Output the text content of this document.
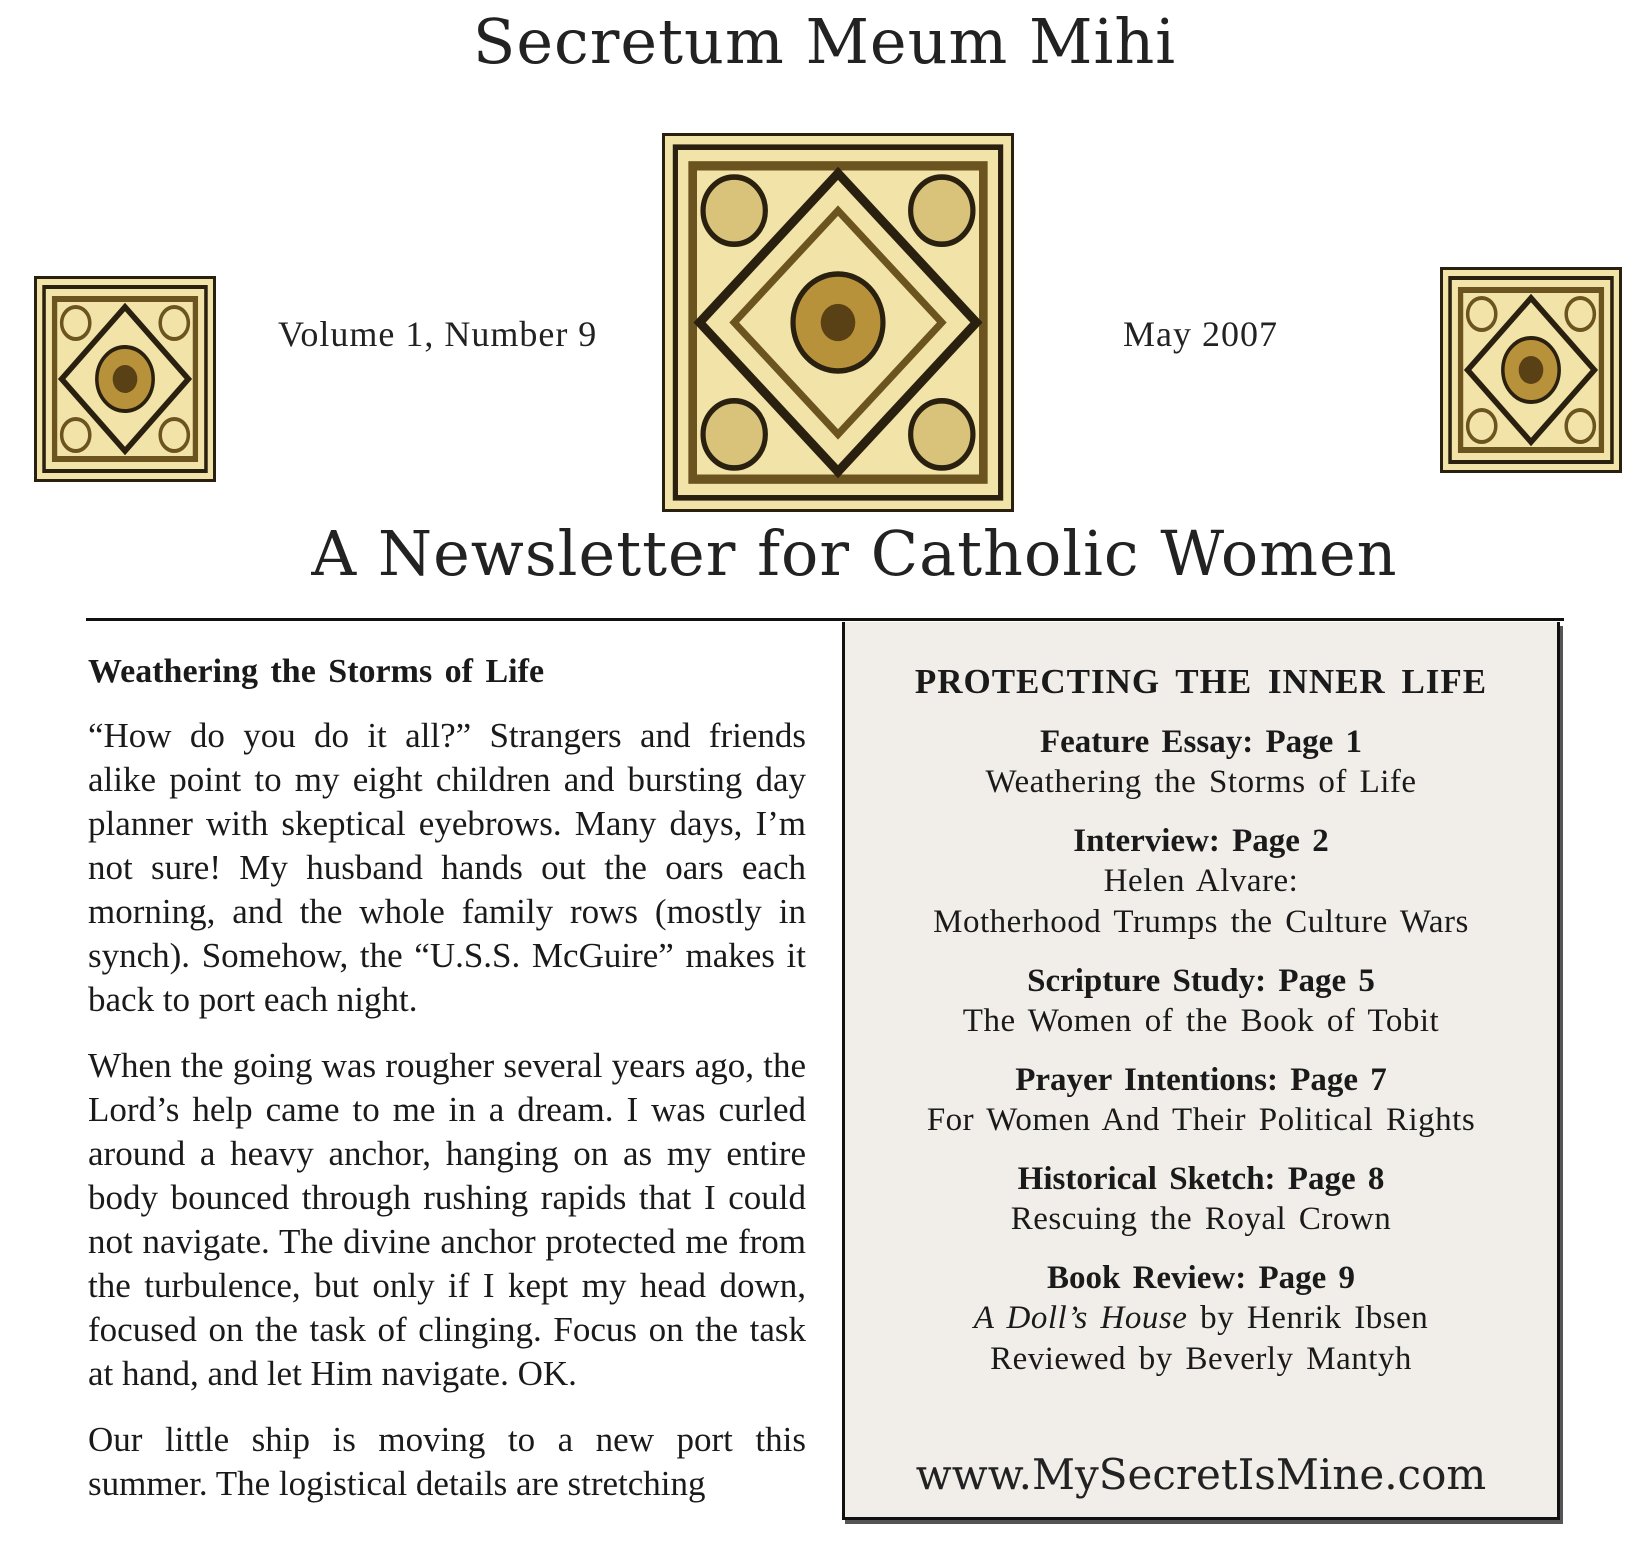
Secretum Meum Mihi
Volume 1, Number 9	May 2007
A Newsletter for Catholic Women
Weathering the Storms of Life

“How do you do it all?” Strangers and friends alike point to my eight children and bursting day planner with skeptical eyebrows. Many days, I’m not sure! My husband hands out the oars each morning, and the whole family rows (mostly in synch). Somehow, the “U.S.S. McGuire” makes it back to port each night.

When the going was rougher several years ago, the Lord’s help came to me in a dream. I was curled around a heavy anchor, hanging on as my entire body bounced through rushing rapids that I could not navigate. The divine anchor protected me from the turbulence, but only if I kept my head down, focused on the task of clinging. Focus on the task at hand, and let Him navigate. OK.

Our little ship is moving to a new port this summer. The logistical details are stretching

PROTECTING THE INNER LIFE
Feature Essay: Page 1
Weathering the Storms of Life
Interview: Page 2
Helen Alvare:
Motherhood Trumps the Culture Wars
Scripture Study: Page 5
The Women of the Book of Tobit
Prayer Intentions: Page 7
For Women And Their Political Rights
Historical Sketch: Page 8
Rescuing the Royal Crown
Book Review: Page 9
A Doll’s House by Henrik Ibsen
Reviewed by Beverly Mantyh
www.MySecretIsMine.com
